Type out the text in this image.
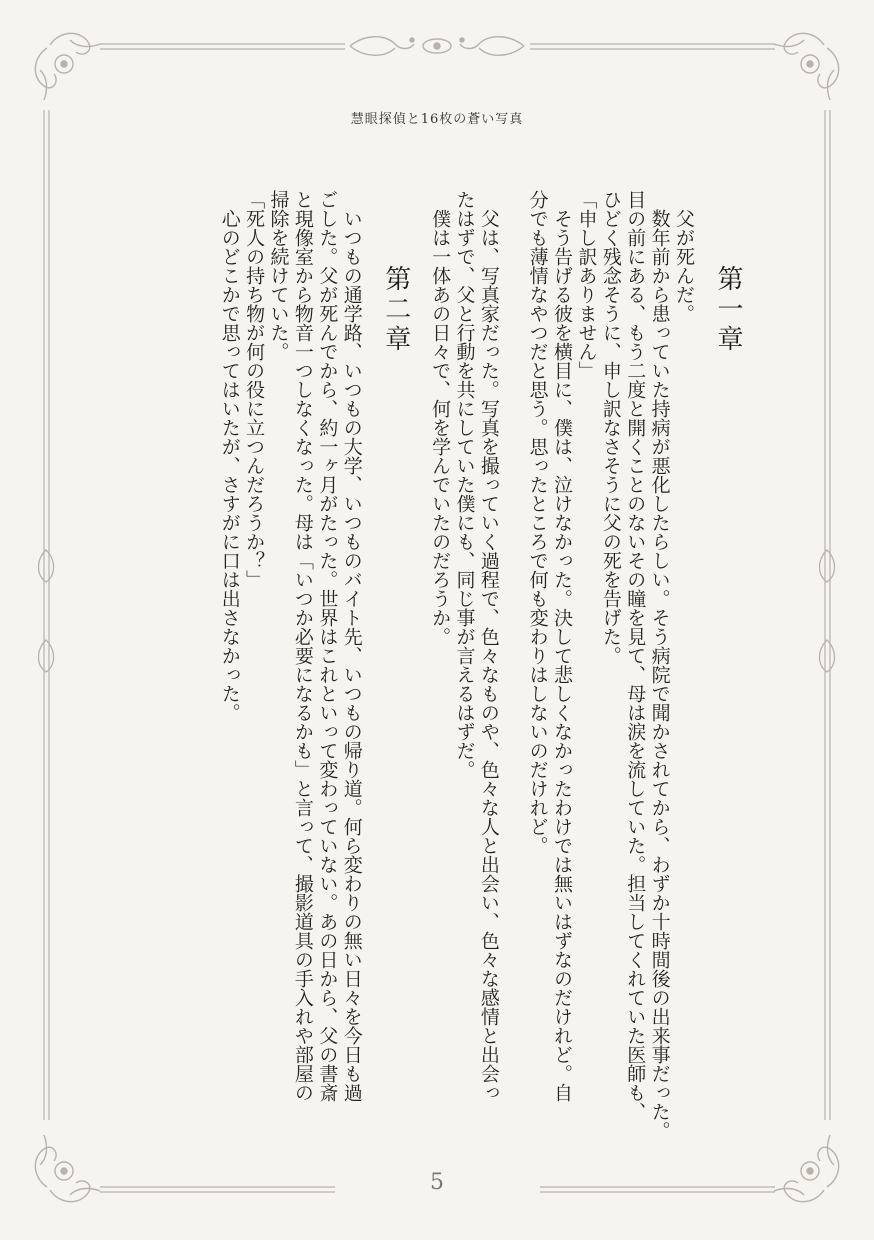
慧眼探偵と16枚の蒼い写真
第一章
父が死んだ。
数年前から患っていた持病が悪化したらしい。そう病院で聞かされてから、わずか十時間後の出来事だった。
目の前にある、もう二度と開くことのないその瞳を見て、母は涙を流していた。担当してくれていた医師も、
ひどく残念そうに、申し訳なさそうに父の死を告げた。
「申し訳ありません」
そう告げる彼を横目に、僕は、泣けなかった。決して悲しくなかったわけでは無いはずなのだけれど。自
分でも薄情なやつだと思う。思ったところで何も変わりはしないのだけれど。
父は、写真家だった。写真を撮っていく過程で、色々なものや、色々な人と出会い、色々な感情と出会っ
たはずで、父と行動を共にしていた僕にも、同じ事が言えるはずだ。
僕は一体あの日々で、何を学んでいたのだろうか。
第二章
いつもの通学路、いつもの大学、いつものバイト先、いつもの帰り道。何ら変わりの無い日々を今日も過
ごした。父が死んでから、約一ヶ月がたった。世界はこれといって変わっていない。あの日から、父の書斎
と現像室から物音一つしなくなった。母は「いつか必要になるかも」と言って、撮影道具の手入れや部屋の
掃除を続けていた。
「死人の持ち物が何の役に立つんだろうか？」
心のどこかで思ってはいたが、さすがに口は出さなかった。
5
